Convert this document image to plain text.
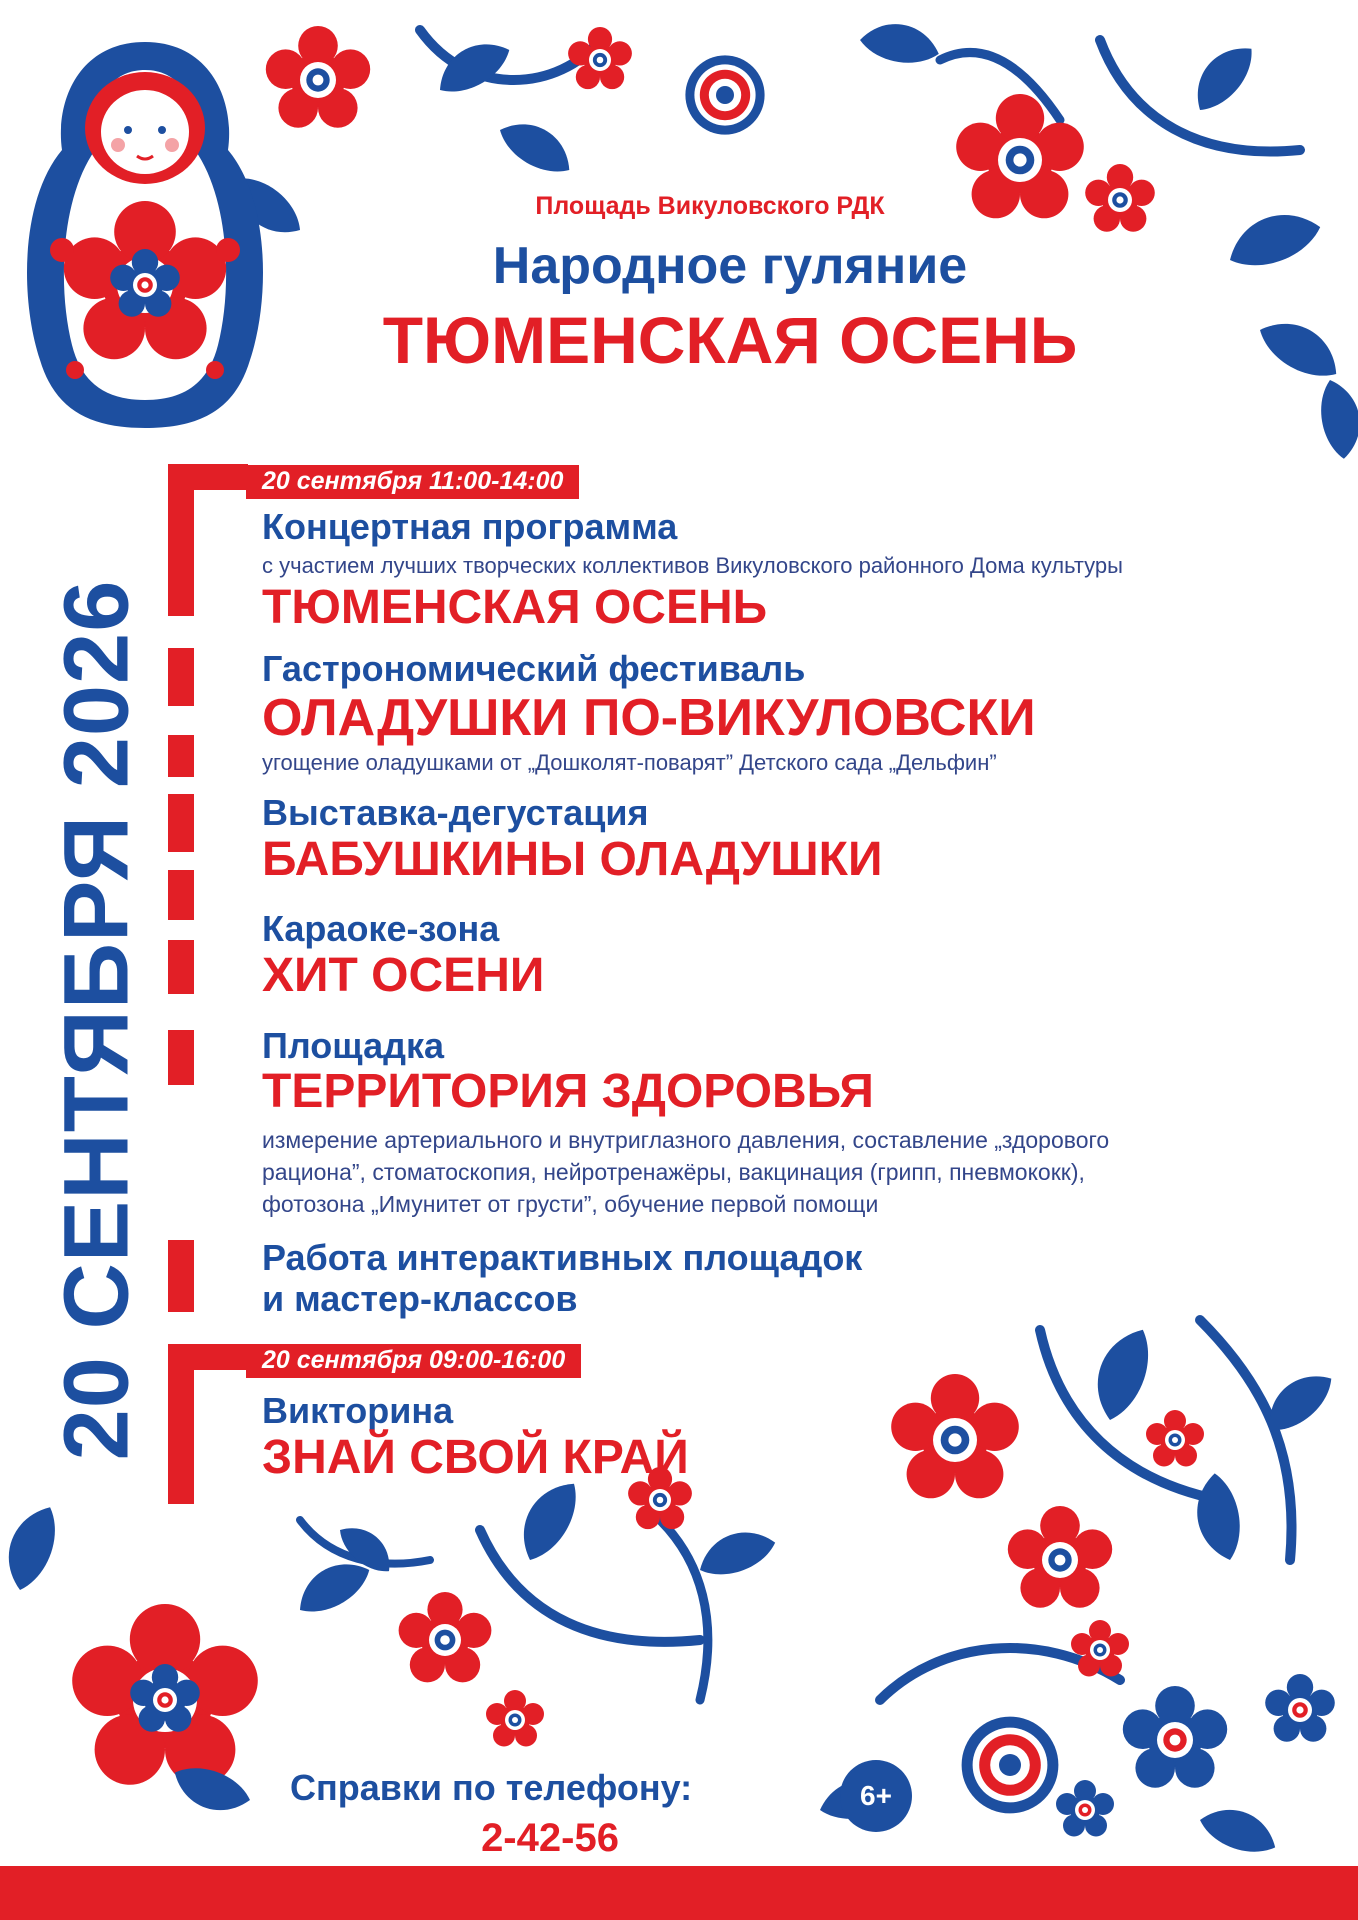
Площадь Викуловского РДК
Народное гуляние
ТЮМЕНСКАЯ ОСЕНЬ
20 СЕНТЯБРЯ 2026
20 сентября 11:00-14:00
Концертная программа
с участием лучших творческих коллективов Викуловского районного Дома культуры
ТЮМЕНСКАЯ ОСЕНЬ
Гастрономический фестиваль
ОЛАДУШКИ ПО-ВИКУЛОВСКИ
угощение оладушками от „Дошколят-поварят” Детского сада „Дельфин”
Выставка-дегустация
БАБУШКИНЫ ОЛАДУШКИ
Караоке-зона
ХИТ ОСЕНИ
Площадка
ТЕРРИТОРИЯ ЗДОРОВЬЯ
измерение артериального и внутриглазного давления, составление „здорового
рациона”, стоматоскопия, нейротренажёры, вакцинация (грипп, пневмококк),
фотозона „Имунитет от грусти”, обучение первой помощи
Работа интерактивных площадок
и мастер-классов
20 сентября 09:00-16:00
Викторина
ЗНАЙ СВОЙ КРАЙ
Справки по телефону:
2-42-56
6+
